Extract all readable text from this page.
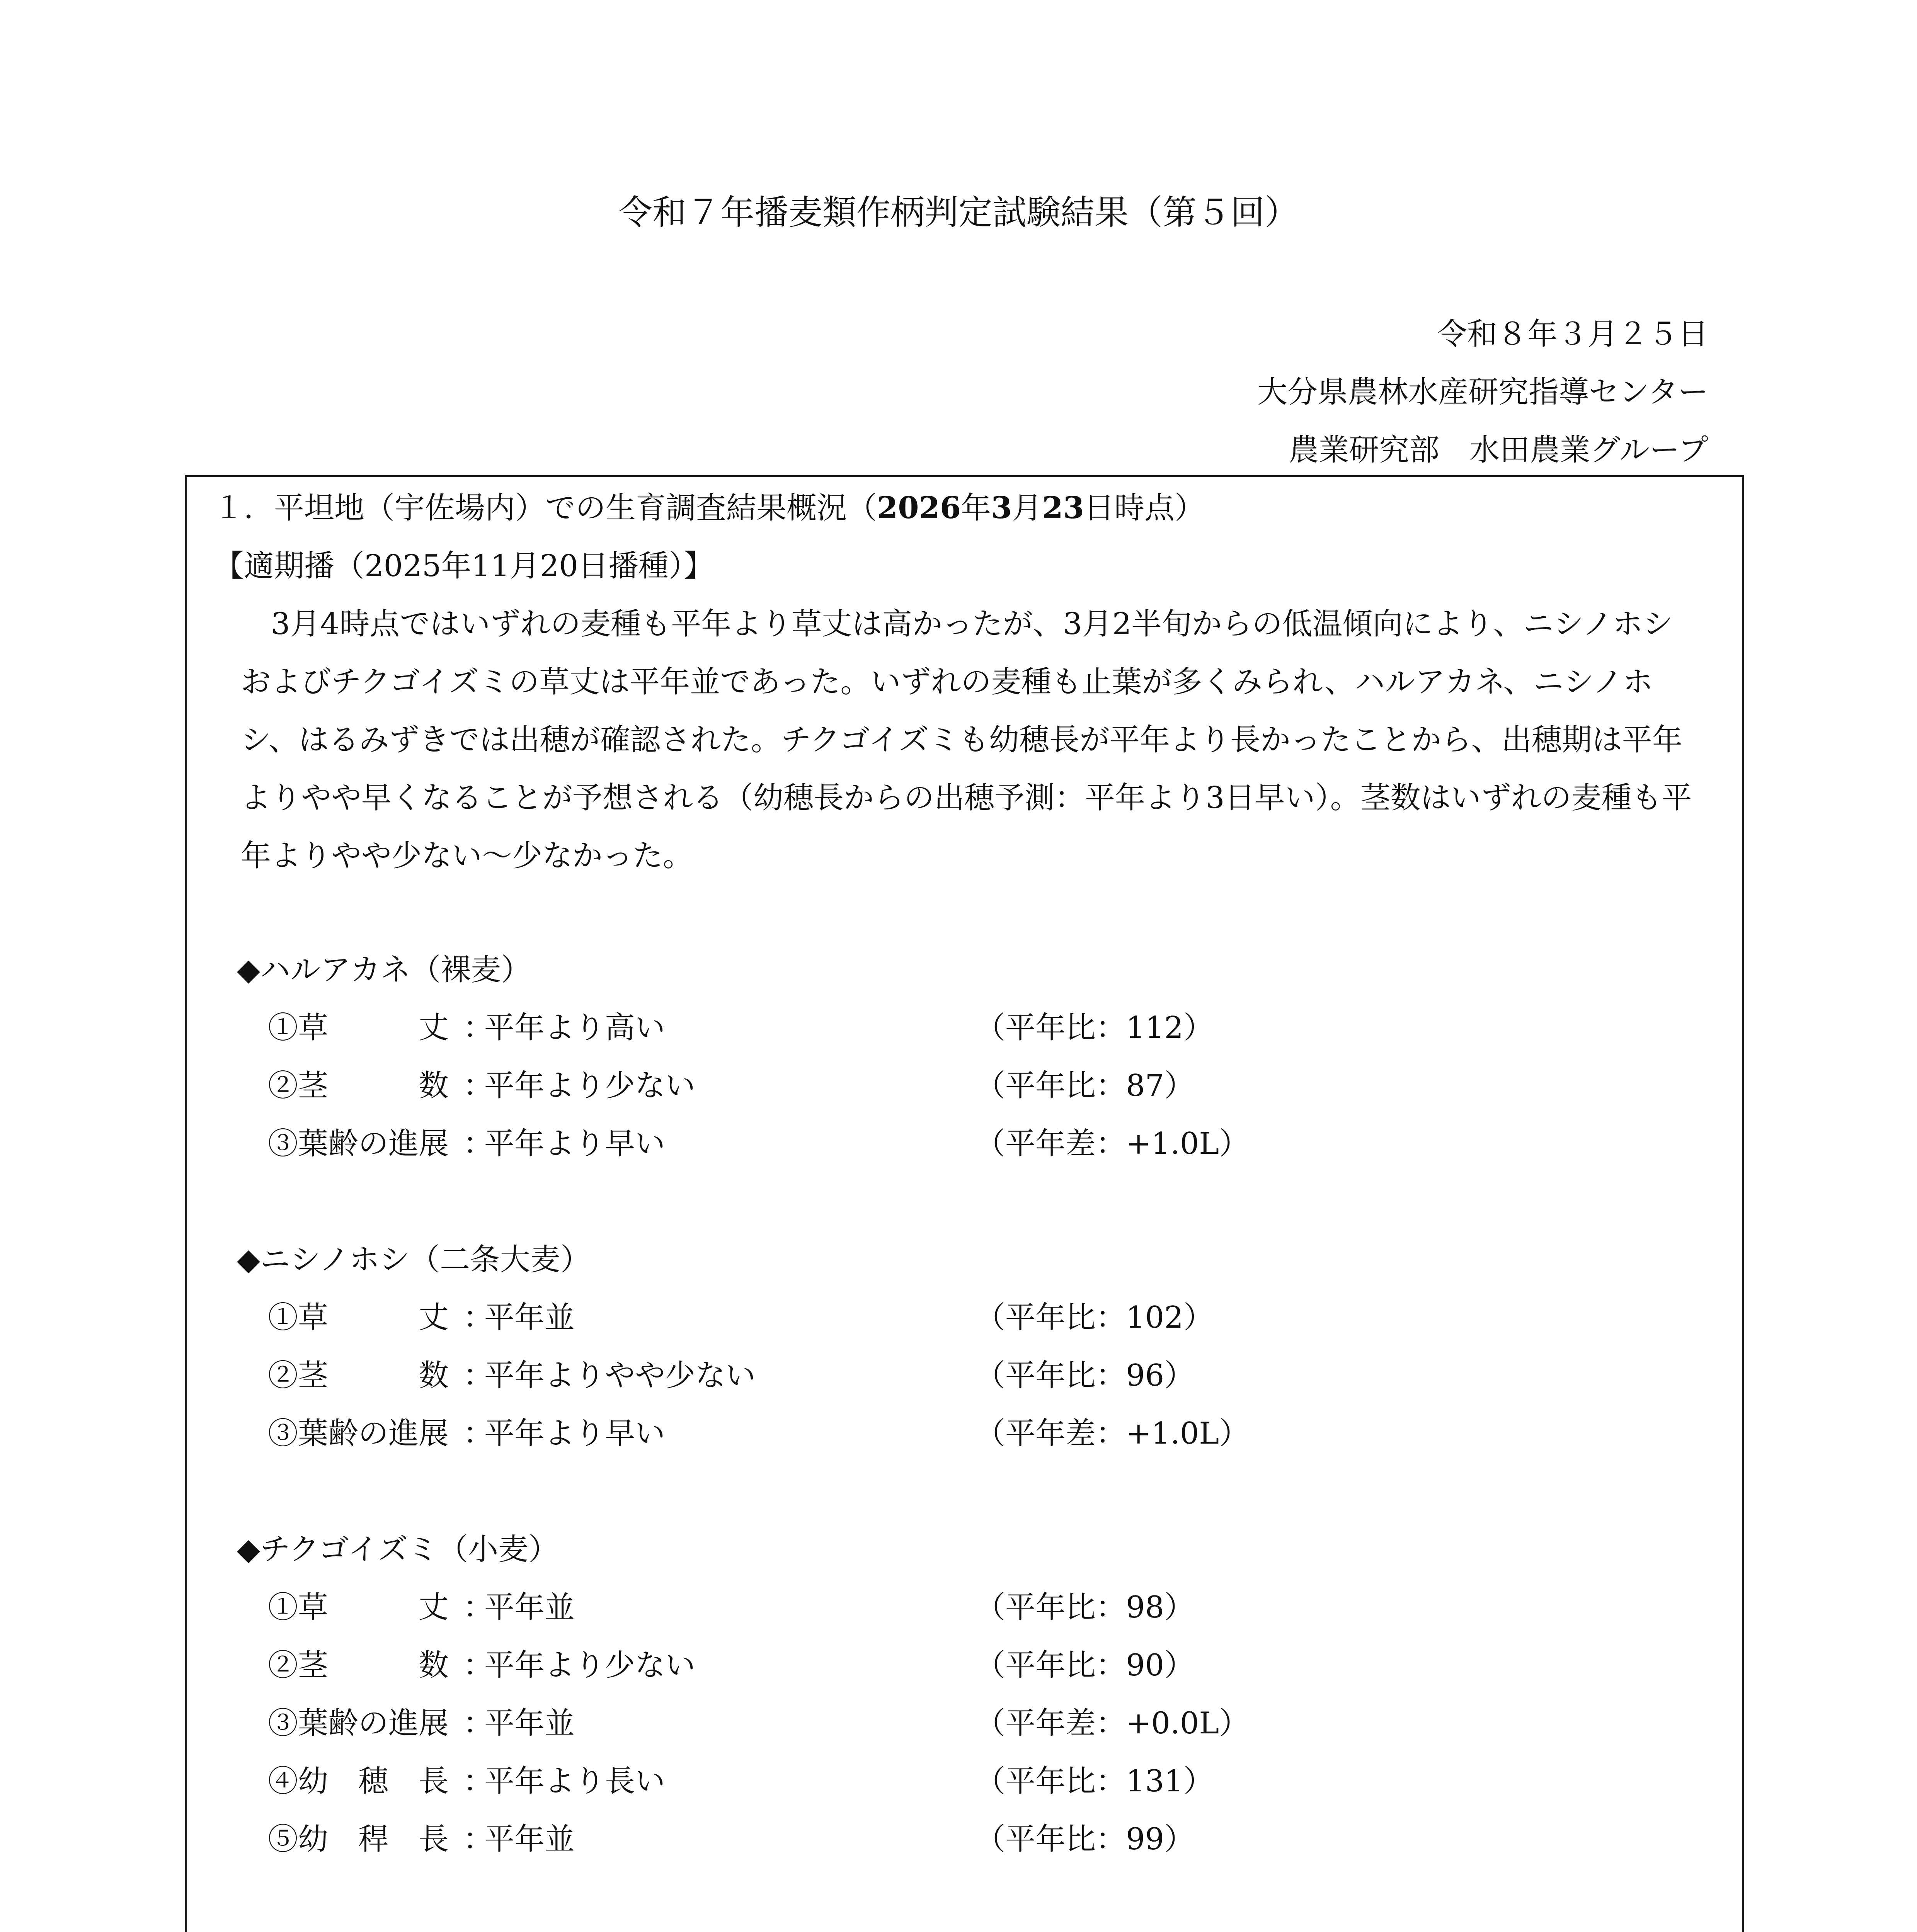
令和７年播麦類作柄判定試験結果（第５回）
令和８年３月２５日
大分県農林水産研究指導センター
農業研究部　水田農業グループ
１．平坦地（宇佐場内）での生育調査結果概況（2026年3月23日時点）
【適期播（2025年11月20日播種）】

3月4時点ではいずれの麦種も平年より草丈は高かったが、3月2半旬からの低温傾向により、ニシノホシおよびチクゴイズミの草丈は平年並であった。いずれの麦種も止葉が多くみられ、ハルアカネ、ニシノホシ、はるみずきでは出穂が確認された。チクゴイズミも幼穂長が平年より長かったことから、出穂期は平年よりやや早くなることが予想される（幼穂長からの出穂予測：平年より3日早い）。茎数はいずれの麦種も平年よりやや少ない～少なかった。

◆ハルアカネ（裸麦）
①草　　　丈 ：
平年より高い	（平年比：112）
②茎　　　数 ：
平年より少ない	（平年比：87）
③葉齢の進展 ：
平年より早い	（平年差：+1.0L）
◆ニシノホシ（二条大麦）
①草　　　丈 ：
平年並	（平年比：102）
②茎　　　数 ：
平年よりやや少ない	（平年比：96）
③葉齢の進展 ：
平年より早い	（平年差：+1.0L）
◆チクゴイズミ（小麦）
①草　　　丈 ：
平年並	（平年比：98）
②茎　　　数 ：
平年より少ない	（平年比：90）
③葉齢の進展 ：
平年並	（平年差：+0.0L）
④幼　穂　長 ：
平年より長い	（平年比：131）
⑤幼　稈　長 ：
平年並	（平年比：99）
